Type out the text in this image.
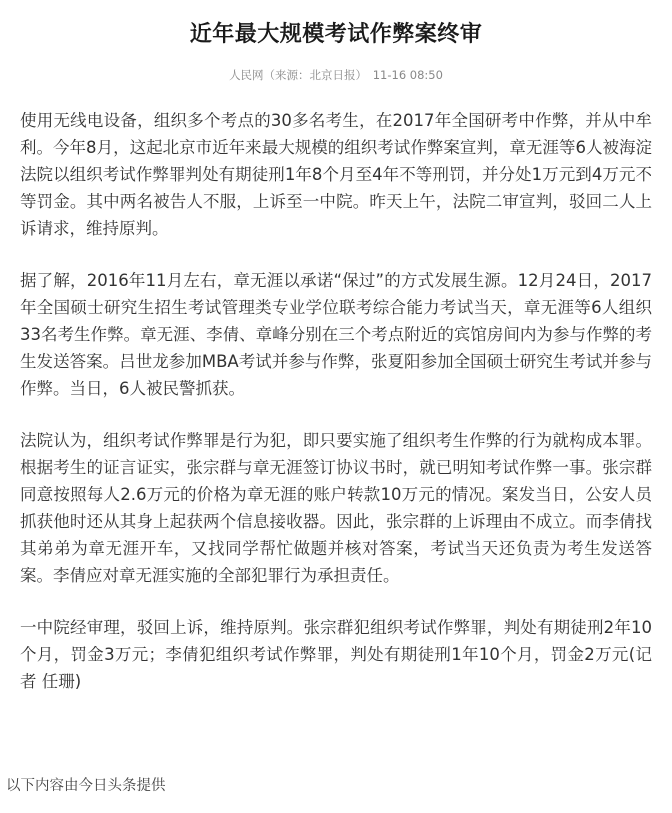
近年最大规模考试作弊案终审
人民网（来源：北京日报） 11-16 08:50

使用无线电设备，组织多个考点的30多名考生，在2017年全国研考中作弊，并从中牟利。今年8月，这起北京市近年来最大规模的组织考试作弊案宣判，章无涯等6人被海淀法院以组织考试作弊罪判处有期徒刑1年8个月至4年不等刑罚，并分处1万元到4万元不等罚金。其中两名被告人不服，上诉至一中院。昨天上午，法院二审宣判，驳回二人上诉请求，维持原判。

据了解，2016年11月左右，章无涯以承诺“保过”的方式发展生源。12月24日，2017年全国硕士研究生招生考试管理类专业学位联考综合能力考试当天，章无涯等6人组织33名考生作弊。章无涯、李倩、章峰分别在三个考点附近的宾馆房间内为参与作弊的考生发送答案。吕世龙参加MBA考试并参与作弊，张夏阳参加全国硕士研究生考试并参与作弊。当日，6人被民警抓获。

法院认为，组织考试作弊罪是行为犯，即只要实施了组织考生作弊的行为就构成本罪。根据考生的证言证实，张宗群与章无涯签订协议书时，就已明知考试作弊一事。张宗群同意按照每人2.6万元的价格为章无涯的账户转款10万元的情况。案发当日，公安人员抓获他时还从其身上起获两个信息接收器。因此，张宗群的上诉理由不成立。而李倩找其弟弟为章无涯开车，又找同学帮忙做题并核对答案，考试当天还负责为考生发送答案。李倩应对章无涯实施的全部犯罪行为承担责任。

一中院经审理，驳回上诉，维持原判。张宗群犯组织考试作弊罪，判处有期徒刑2年10个月，罚金3万元；李倩犯组织考试作弊罪，判处有期徒刑1年10个月，罚金2万元(记者 任珊)

以下内容由今日头条提供
